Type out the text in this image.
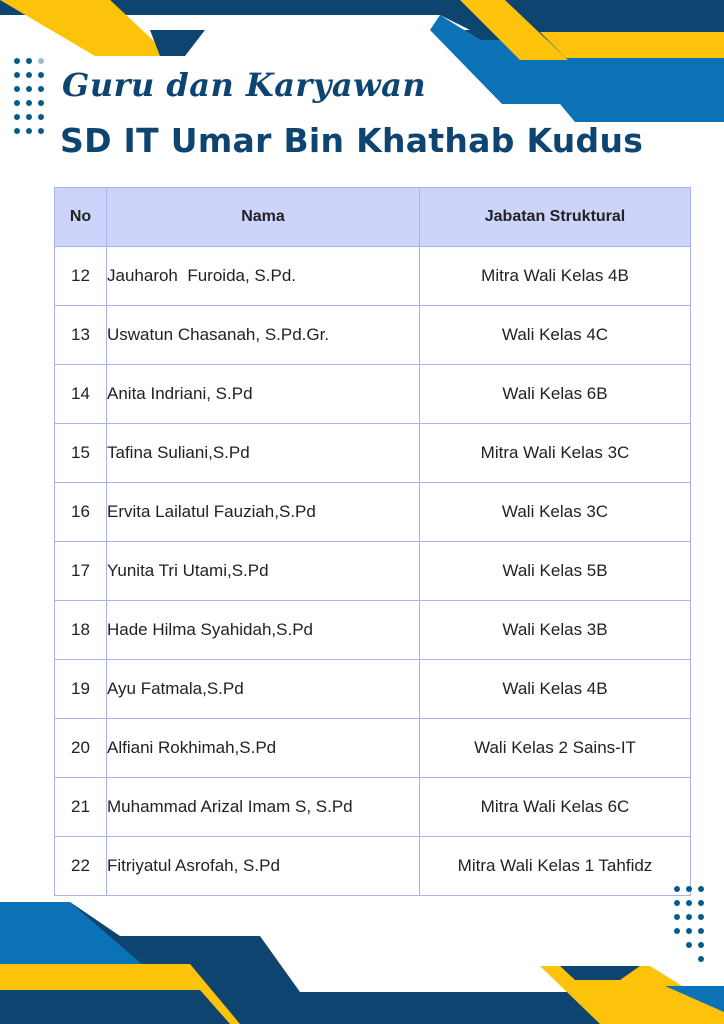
Guru dan Karyawan
SD IT Umar Bin Khathab Kudus
No	Nama	Jabatan Struktural
12	Jauharoh  Furoida, S.Pd.	Mitra Wali Kelas 4B
13	Uswatun Chasanah, S.Pd.Gr.	Wali Kelas 4C
14	Anita Indriani, S.Pd	Wali Kelas 6B
15	Tafina Suliani,S.Pd	Mitra Wali Kelas 3C
16	Ervita Lailatul Fauziah,S.Pd	Wali Kelas 3C
17	Yunita Tri Utami,S.Pd	Wali Kelas 5B
18	Hade Hilma Syahidah,S.Pd	Wali Kelas 3B
19	Ayu Fatmala,S.Pd	Wali Kelas 4B
20	Alfiani Rokhimah,S.Pd	Wali Kelas 2 Sains-IT
21	Muhammad Arizal Imam S, S.Pd	Mitra Wali Kelas 6C
22	Fitriyatul Asrofah, S.Pd	Mitra Wali Kelas 1 Tahfidz
